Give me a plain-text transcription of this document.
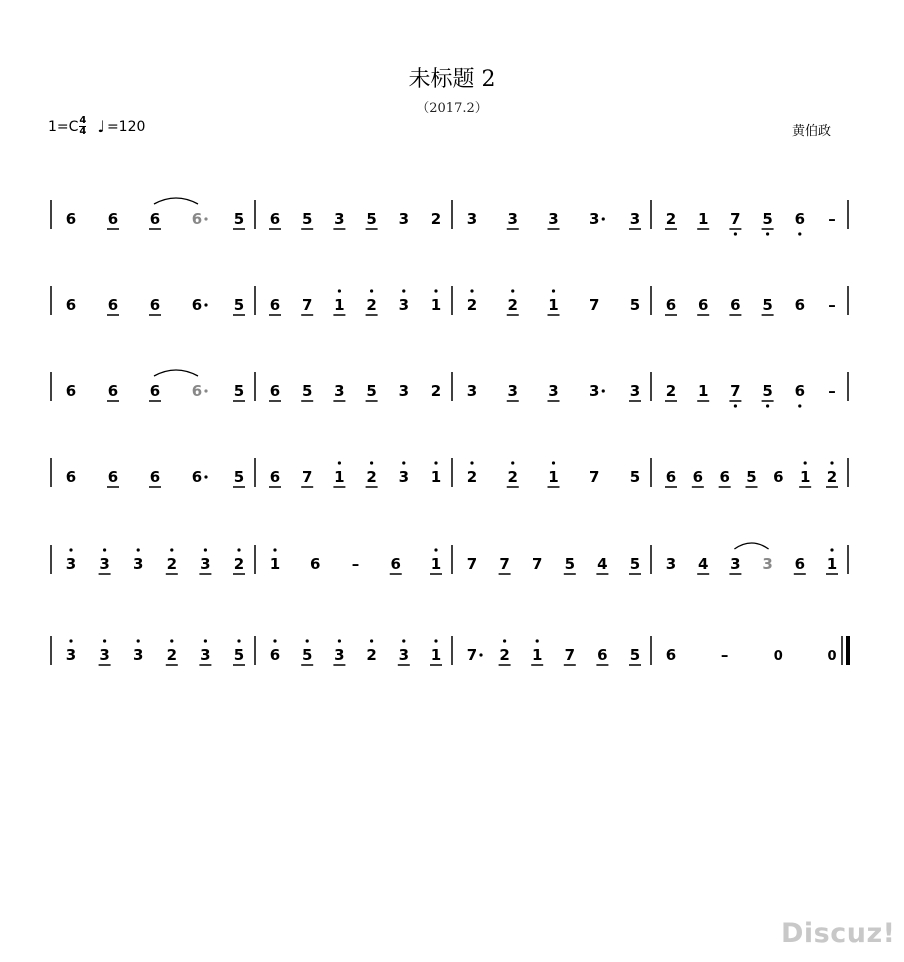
未标题 2
（2017.2）
$1=C \frac{4}{4}$ ♩ =120	黄伯政
6 6 6 6 5 6 5 3 5 3 2 3 3 3 3 3 2 1 7 5 6 –
6 6 6 6 5 6 7 1 2 3 1 2 2 1 7 5 6 6 6 5 6 –
6 6 6 6 5 6 5 3 5 3 2 3 3 3 3 3 2 1 7 5 6 –
6 6 6 6 5 6 7 1 2 3 1 2 2 1 7 5 6 6 6 5 6 1 2
3 3 3 2 3 2 1 6 – 6 1 7 7 7 5 4 5 3 4 3 3 6 1
3 3 3 2 3 5 6 5 3 2 3 1 7 2 1 7 6 5 6	–	0	0
Discuz!
